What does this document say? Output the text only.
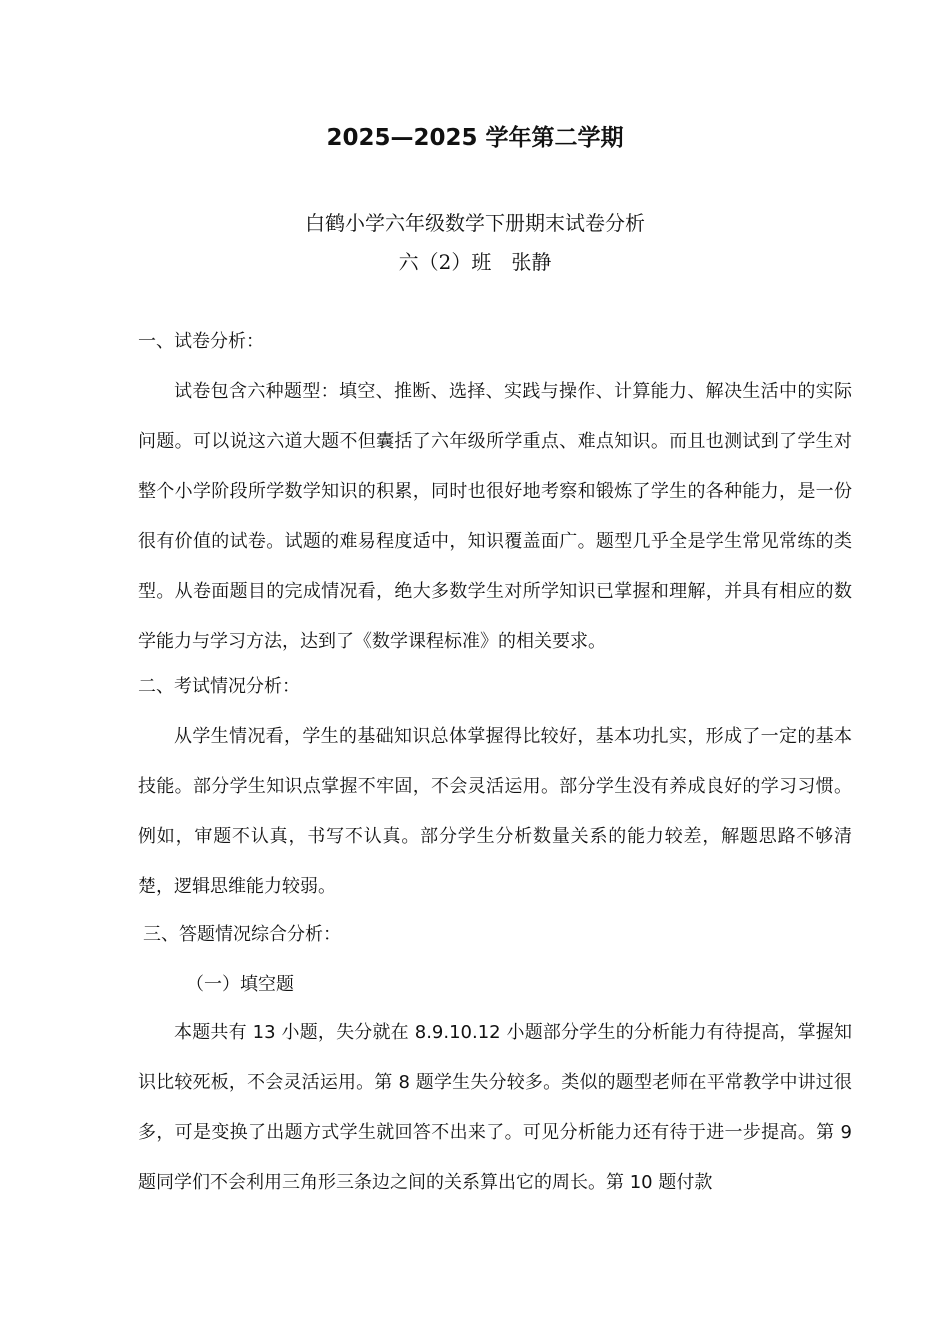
2025—2025 学年第二学期
白鹤小学六年级数学下册期末试卷分析
六（2）班　张静

一、试卷分析：

试卷包含六种题型：填空、推断、选择、实践与操作、计算能力、解决生活中的实际问题。可以说这六道大题不但囊括了六年级所学重点、难点知识。而且也测试到了学生对整个小学阶段所学数学知识的积累，同时也很好地考察和锻炼了学生的各种能力，是一份很有价值的试卷。试题的难易程度适中，知识覆盖面广。题型几乎全是学生常见常练的类型。从卷面题目的完成情况看，绝大多数学生对所学知识已掌握和理解，并具有相应的数学能力与学习方法，达到了《数学课程标准》的相关要求。

二、考试情况分析：

从学生情况看，学生的基础知识总体掌握得比较好，基本功扎实，形成了一定的基本技能。部分学生知识点掌握不牢固，不会灵活运用。部分学生没有养成良好的学习习惯。例如，审题不认真，书写不认真。部分学生分析数量关系的能力较差，解题思路不够清楚，逻辑思维能力较弱。

三、答题情况综合分析：

（一）填空题

本题共有 13 小题，失分就在 8.9.10.12 小题部分学生的分析能力有待提高，掌握知识比较死板，不会灵活运用。第 8 题学生失分较多。类似的题型老师在平常教学中讲过很多，可是变换了出题方式学生就回答不出来了。可见分析能力还有待于进一步提高。第 9 题同学们不会利用三角形三条边之间的关系算出它的周长。第 10 题付款
